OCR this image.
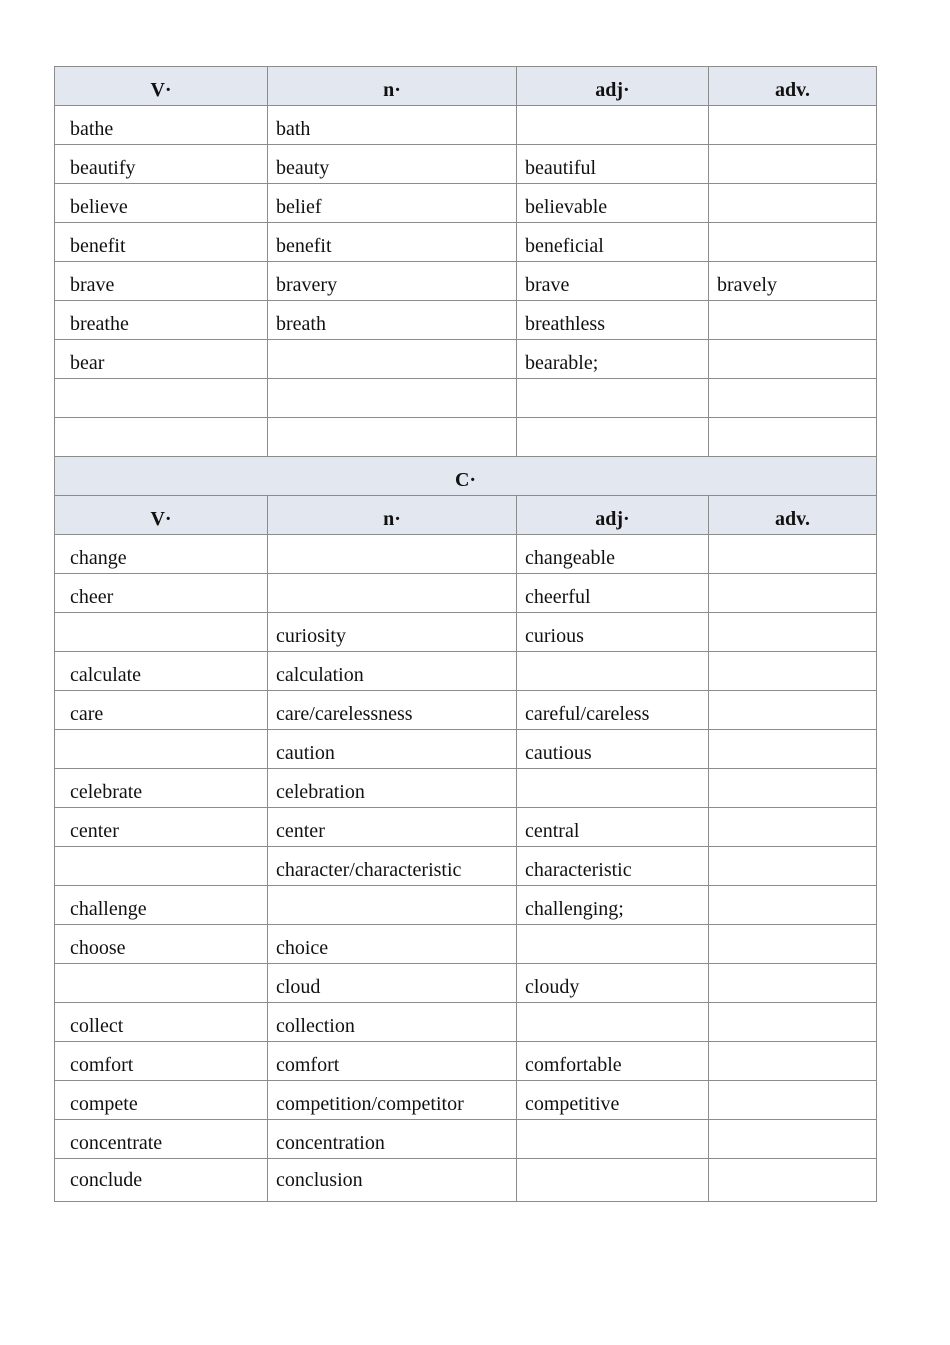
V·	n·	adj·	adv.
bathe	bath		
beautify	beauty	beautiful	
believe	belief	believable	
benefit	benefit	beneficial	
brave	bravery	brave	bravely
breathe	breath	breathless	
bear		bearable;	

C·			
V·	n·	adj·	adv.
change		changeable	
cheer		cheerful	
	curiosity	curious	
calculate	calculation		
care	care/carelessness	careful/careless	
	caution	cautious	
celebrate	celebration		
center	center	central	
	character/characteristic	characteristic	
challenge		challenging;	
choose	choice		
	cloud	cloudy	
collect	collection		
comfort	comfort	comfortable	
compete	competition/competitor	competitive	
concentrate	concentration		
conclude	conclusion		
